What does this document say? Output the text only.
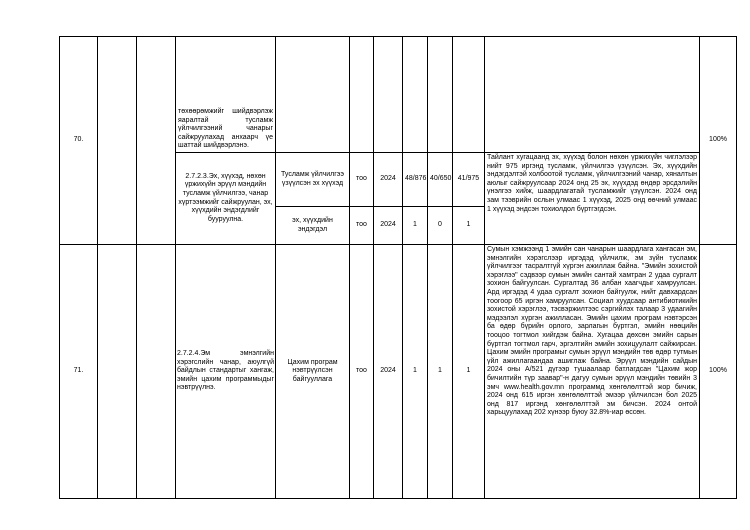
70.			төхөөрөмжийг шийдвэрлэж яаралтай тусламж үйлчилгээний чанарыг сайжруулахад анхаарч үе шаттай шийдвэрлэнэ.								100%
			2.7.2.3.Эх, хүүхэд, нөхөн үржихүйн эрүүл мэндийн тусламж үйлчилгээ, чанар хүртээмжийг сайжруулан, эх, хүүхдийн эндэгдлийг бууруулна.	Тусламж үйлчилгээ үзүүлсэн эх хүүхэд	тоо	2024	48/876	40/650	41/975	Тайлант хугацаанд эх, хүүхэд болон нөхөн үржихүйн чиглэлээр нийт 975 иргэнд тусламж, үйлчилгээ үзүүлсэн. Эх, хүүхдийн эндэгдэлтэй холбоотой тусламж, үйлчилгээний чанар, хяналтын аюлыг сайжруулсаар 2024 онд 25 эх, хүүхдэд өндөр эрсдэлийн үнэлгээ хийж, шаардлагатай тусламжийг үзүүлсэн. 2024 онд зам тээврийн ослын улмаас 1 хүүхэд, 2025 онд өөчний улмаас 1 хүүхэд эндсэн тохиолдол бүртгэгдсэн.	
				эх, хүүхдийн эндэгдэл	тоо	2024	1	0	1		
71.			2.7.2.4.Эм эмнэлгийн хэрэгслийн чанар, аюулгүй байдлын стандартыг хангаж, эмийн цахим программыдыг нэвтрүүлнэ.	Цахим програм нэвтрүүлсэн байгууллага	тоо	2024	1	1	1	Сумын хэмжээнд 1 эмийн сан чанарын шаардлага хангасан эм, эмнэлгийн хэрэгслээр иргэдэд үйлчилж, эм зүйн тусламж үйлчилгээг тасралтгүй хүргэн ажиллаж байна. "Эмийн зохистой хэрэглээ" сэдвээр сумын эмийн сантай хамтран 2 удаа сургалт зохион байгуулсан. Сургалтад 36 албан хаагчдыг хамруулсан. Ард иргэдэд 4 удаа сургалт зохион байгуулж, нийт давхардсан тоогоор 65 иргэн хамруулсан. Социал хуудсаар антибиотикийн зохистой хэрэглээ, тэсвэржилтээс сэргийлэх талаар 3 удаагийн мэдээлэл хүргэн ажилласан. Эмийн цахим програм нэвтэрсэн ба өдөр бүрийн орлого, зарлагын бүртгэл, эмийн нөөцийн тооцоо тогтмол хийгдэж байна. Хугацаа дөхсөн эмийн сарын бүртгэл тогтмол гарч, эргэлтийн эмийн зохицуулалт сайжирсан. Цахим эмийн програмыг сумын эрүүл мэндийн төв өдөр тутмын үйл ажиллагаандаа ашиглаж байна. Эрүүл мэндийн сайдын 2024 оны А/521 дүгээр тушаалаар батлагдсан "Цахим жор бичилтийн түр заавар"-н дагуу сумын эрүүл мэндийн төвийн 3 эмч www.health.gov.mn программд хөнгөлөлттэй жор бичиж, 2024 онд 615 иргэн хөнгөлөлттэй эмээр үйлчилсэн бол 2025 онд 817 иргэнд хөнгөлөлттэй эм бичсэн. 2024 онтой харьцуулахад 202 хүнээр буюу 32.8%-иар өссөн.	100%
